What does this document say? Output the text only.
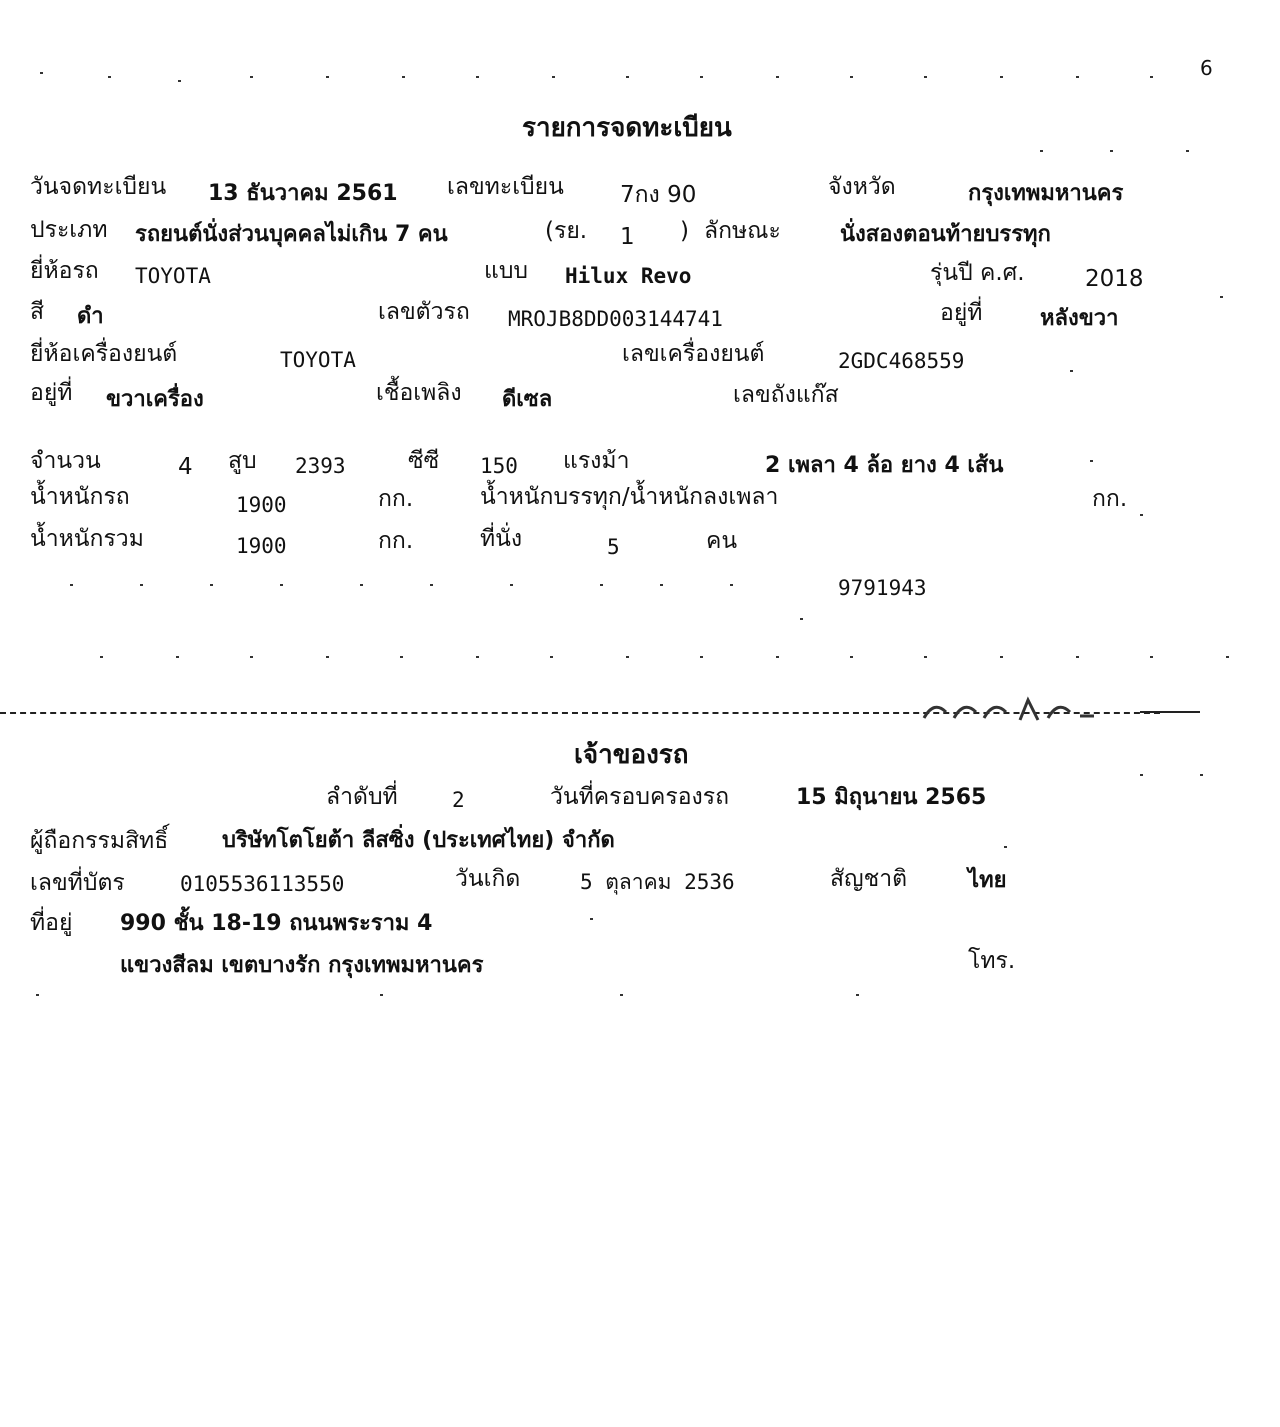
6
รายการจดทะเบียน
วันจดทะเบียน 13 ธันวาคม 2561 เลขทะเบียน 7กง 90	จังหวัด	กรุงเทพมหานคร
ประเภท รถยนต์นั่งส่วนบุคคลไม่เกิน 7 คน	(รย. 1 ) ลักษณะ	นั่งสองตอนท้ายบรรทุก
ยี่ห้อรถ TOYOTA	แบบ Hilux Revo	รุ่นปี ค.ศ.	2018
สี ดำ	เลขตัวรถ MROJB8DD003144741	อยู่ที่	หลังขวา
ยี่ห้อเครื่องยนต์	TOYOTA	เลขเครื่องยนต์	2GDC468559
อยู่ที่ ขวาเครื่อง	เชื้อเพลิง ดีเซล	เลขถังแก๊ส
จำนวน	4 สูบ 2393	ซีซี 150 แรงม้า	2 เพลา 4 ล้อ ยาง 4 เส้น
น้ำหนักรถ	1900	กก.	น้ำหนักบรรทุก/น้ำหนักลงเพลา	กก.
น้ำหนักรวม	1900	กก.	ที่นั่ง	5	คน
9791943
เจ้าของรถ
ลำดับที่	2	วันที่ครอบครองรถ	15 มิถุนายน 2565
ผู้ถือกรรมสิทธิ์ บริษัทโตโยต้า ลีสซิ่ง (ประเทศไทย) จำกัด
เลขที่บัตร	0105536113550	วันเกิด	5 ตุลาคม 2536	สัญชาติ	ไทย
ที่อยู่ 990 ชั้น 18-19 ถนนพระราม 4
แขวงสีลม เขตบางรัก กรุงเทพมหานคร	โทร.
